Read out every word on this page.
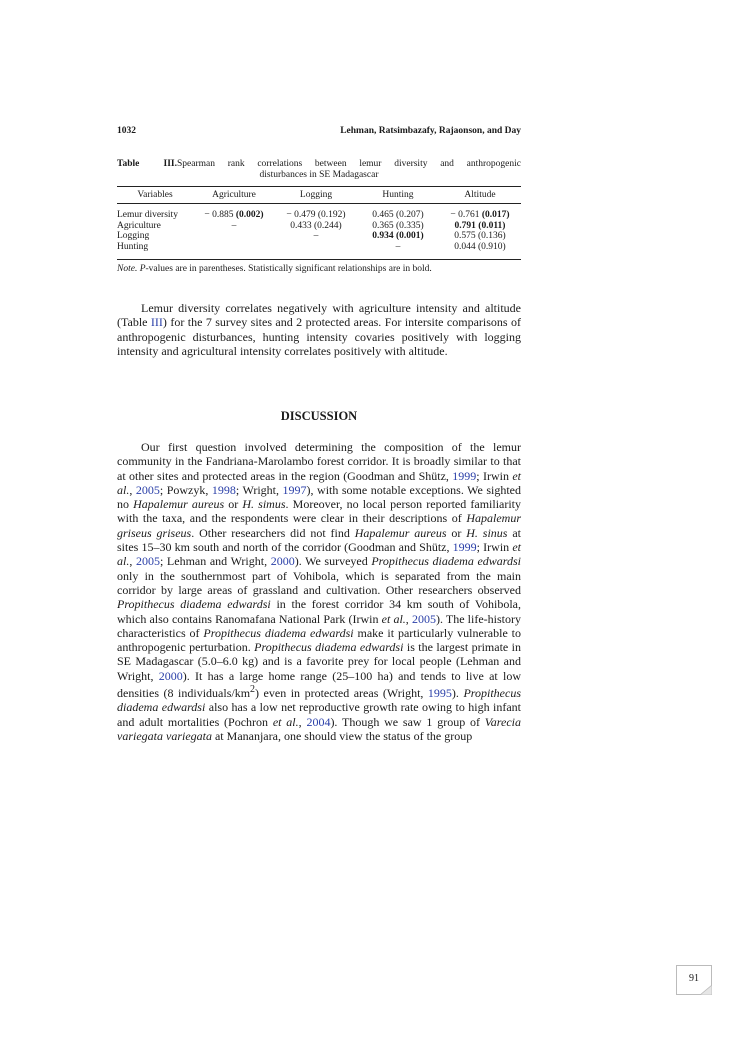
1032	Lehman, Ratsimbazafy, Rajaonson, and Day
Table III.Spearman rank correlations between lemur diversity and anthropogenic
disturbances in SE Madagascar
Variables	Agriculture	Logging	Hunting	Altitude

Lemur diversity	− 0.885 (0.002)	− 0.479 (0.192)	0.465 (0.207)	− 0.761 (0.017)
Agriculture	–	0.433 (0.244)	0.365 (0.335)	0.791 (0.011)
Logging		–	0.934 (0.001)	0.575 (0.136)
Hunting			–	0.044 (0.910)
Note. P-values are in parentheses. Statistically significant relationships are in bold.

Lemur diversity correlates negatively with agriculture intensity and altitude (Table III) for the 7 survey sites and 2 protected areas. For intersite comparisons of anthropogenic disturbances, hunting intensity covaries positively with logging intensity and agricultural intensity correlates positively with altitude.

DISCUSSION

Our first question involved determining the composition of the lemur community in the Fandriana-Marolambo forest corridor. It is broadly similar to that at other sites and protected areas in the region (Goodman and Shütz, 1999; Irwin et al., 2005; Powzyk, 1998; Wright, 1997), with some notable exceptions. We sighted no Hapalemur aureus or H. simus. Moreover, no local person reported familiarity with the taxa, and the respondents were clear in their descriptions of Hapalemur griseus griseus. Other researchers did not find Hapalemur aureus or H. sinus at sites 15–30 km south and north of the corridor (Goodman and Shütz, 1999; Irwin et al., 2005; Lehman and Wright, 2000). We surveyed Propithecus diadema edwardsi only in the southernmost part of Vohibola, which is separated from the main corridor by large areas of grassland and cultivation. Other researchers observed Propithecus diadema edwardsi in the forest corridor 34 km south of Vohibola, which also contains Ranomafana National Park (Irwin et al., 2005). The life-history characteristics of Propithecus diadema edwardsi make it particularly vulnerable to anthropogenic perturbation. Propithecus diadema edwardsi is the largest primate in SE Madagascar (5.0–6.0 kg) and is a favorite prey for local people (Lehman and Wright, 2000). It has a large home range (25–100 ha) and tends to live at low densities (8 individuals/$km^2$) even in protected areas (Wright, 1995). Propithecus diadema edwardsi also has a low net reproductive growth rate owing to high infant and adult mortalities (Pochron et al., 2004). Though we saw 1 group of Varecia variegata variegata at Mananjara, one should view the status of the group

91
